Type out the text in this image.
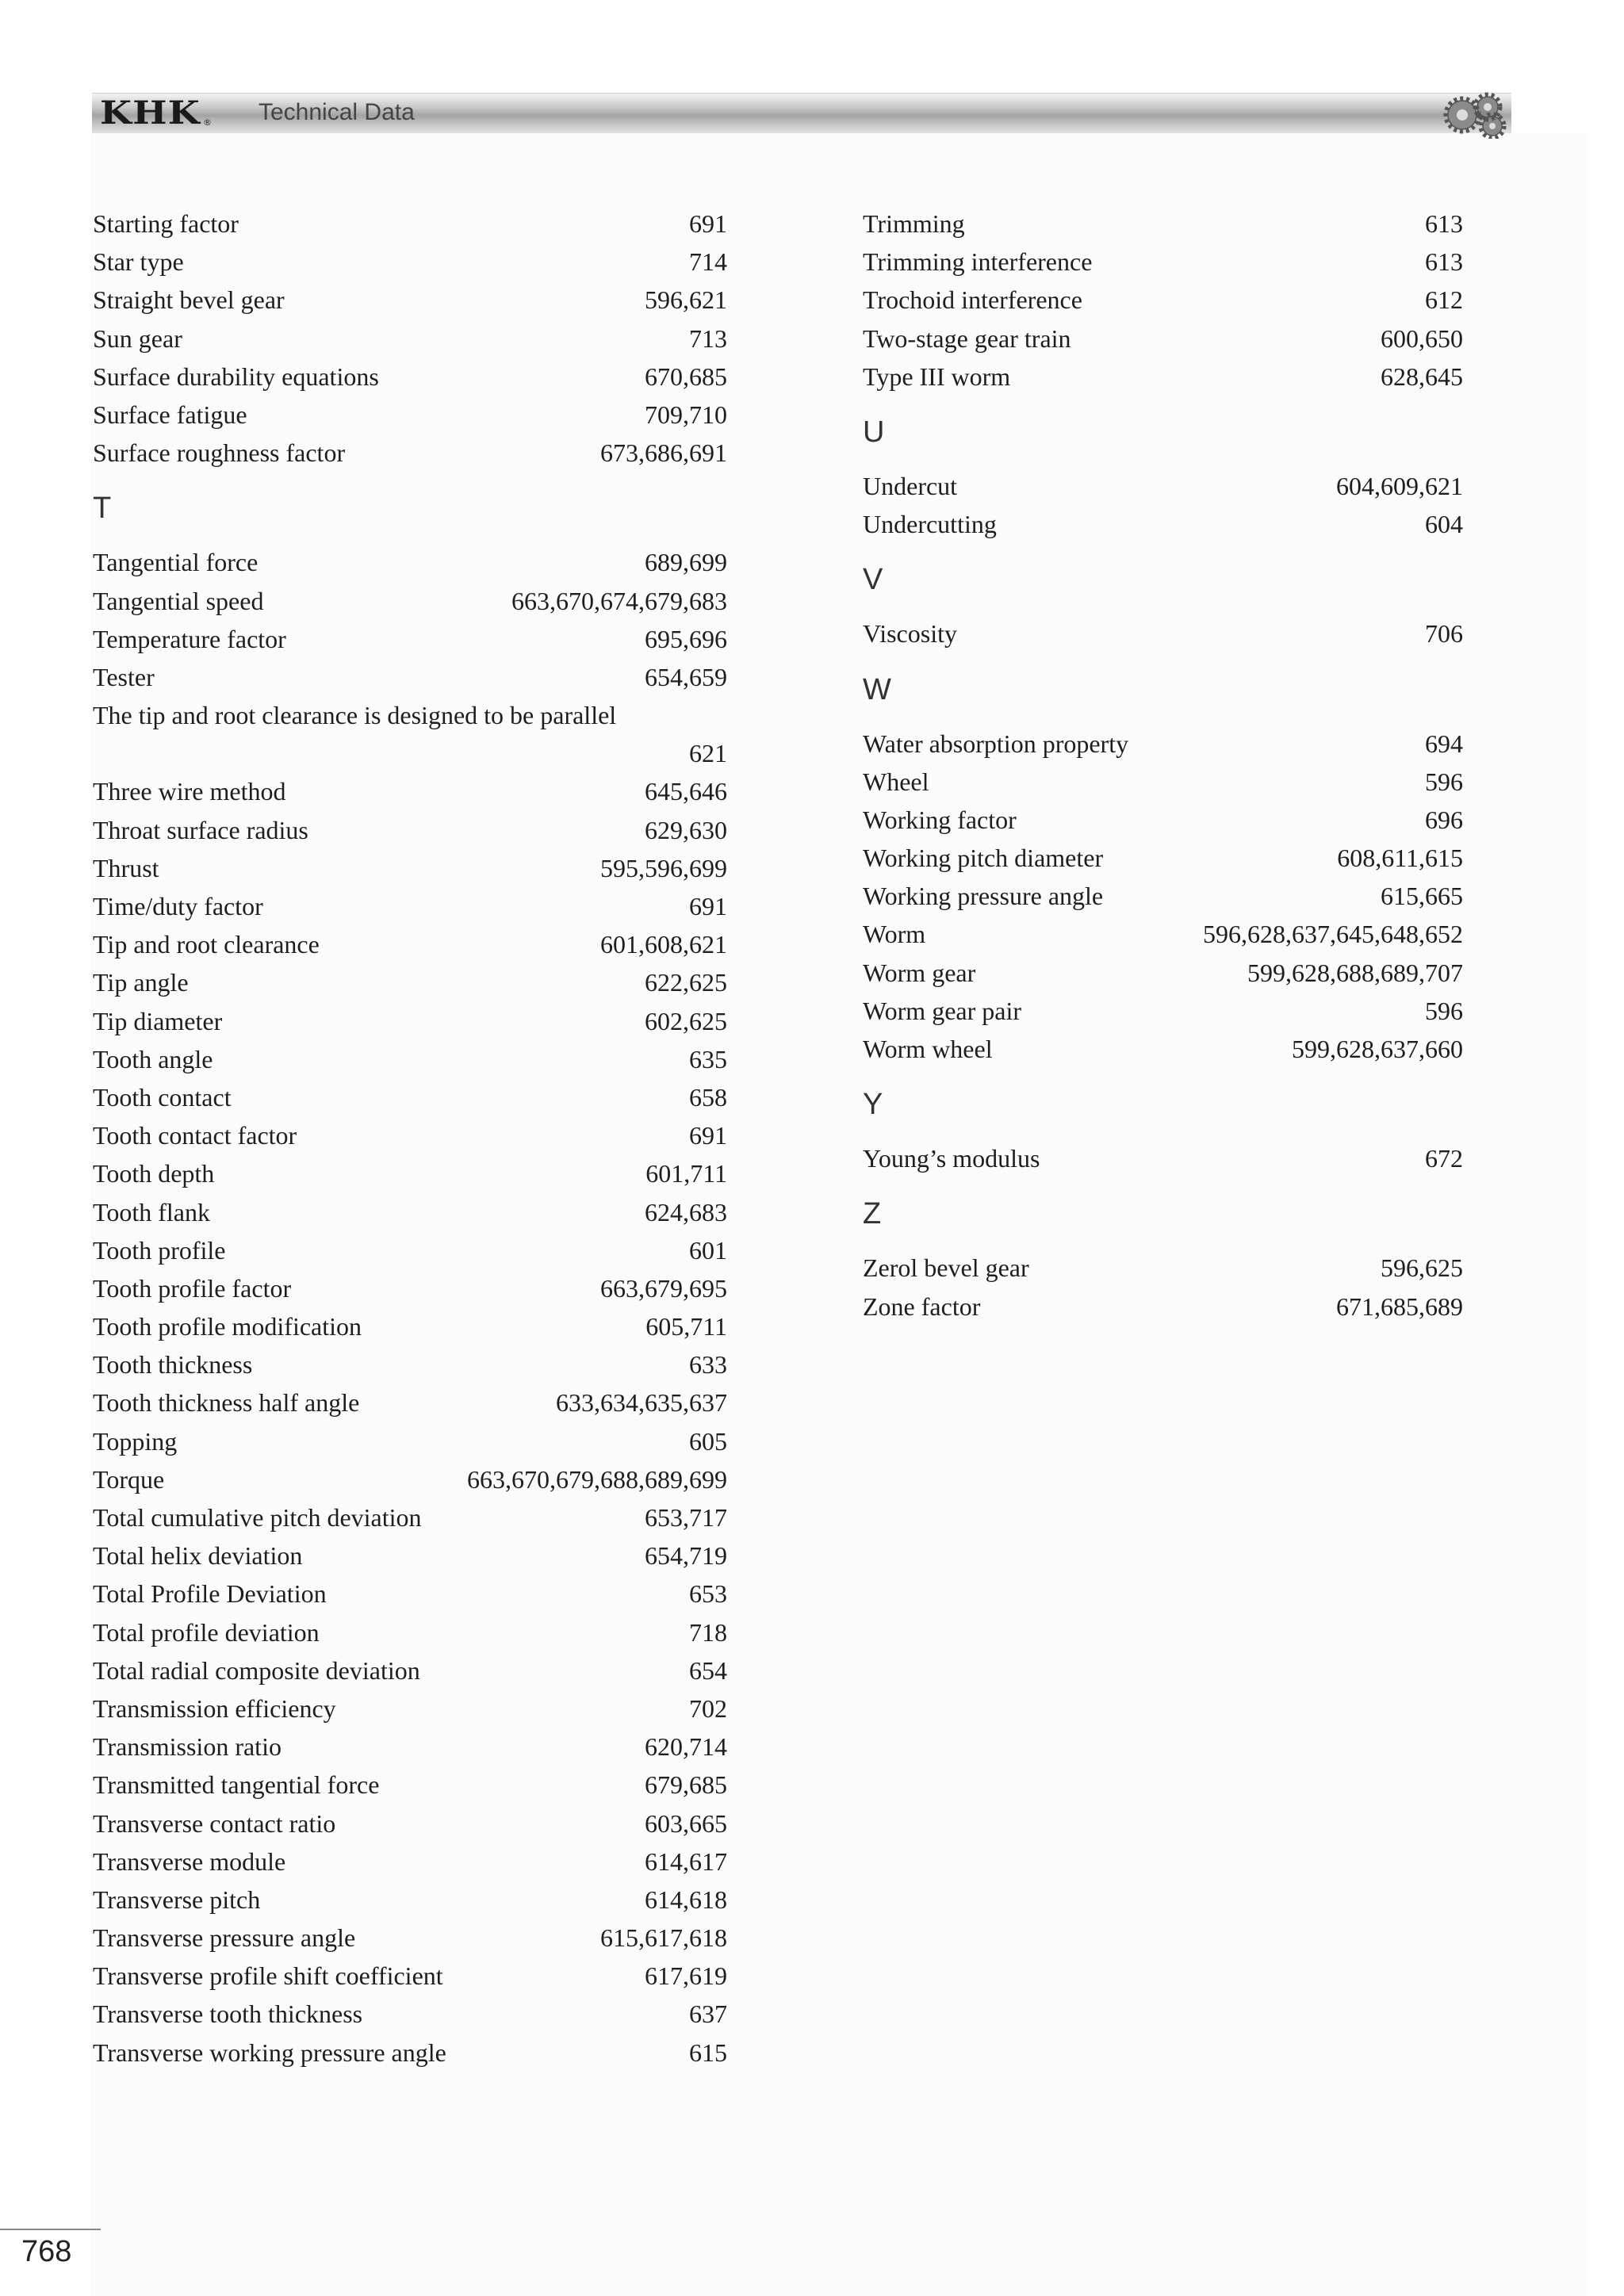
KHK ® Technical Data
Starting factor	691
Star type	714
Straight bevel gear	596,621
Sun gear	713
Surface durability equations	670,685
Surface fatigue	709,710
Surface roughness factor	673,686,691
T
Tangential force	689,699
Tangential speed	663,670,674,679,683
Temperature factor	695,696
Tester	654,659
The tip and root clearance is designed to be parallel
621
Three wire method	645,646
Throat surface radius	629,630
Thrust	595,596,699
Time/duty factor	691
Tip and root clearance	601,608,621
Tip angle	622,625
Tip diameter	602,625
Tooth angle	635
Tooth contact	658
Tooth contact factor	691
Tooth depth	601,711
Tooth flank	624,683
Tooth profile	601
Tooth profile factor	663,679,695
Tooth profile modification	605,711
Tooth thickness	633
Tooth thickness half angle	633,634,635,637
Topping	605
Torque	663,670,679,688,689,699
Total cumulative pitch deviation	653,717
Total helix deviation	654,719
Total Profile Deviation	653
Total profile deviation	718
Total radial composite deviation	654
Transmission efficiency	702
Transmission ratio	620,714
Transmitted tangential force	679,685
Transverse contact ratio	603,665
Transverse module	614,617
Transverse pitch	614,618
Transverse pressure angle	615,617,618
Transverse profile shift coefficient	617,619
Transverse tooth thickness	637
Transverse working pressure angle	615
Trimming	613
Trimming interference	613
Trochoid interference	612
Two-stage gear train	600,650
Type III worm	628,645
U
Undercut	604,609,621
Undercutting	604
V
Viscosity	706
W
Water absorption property	694
Wheel	596
Working factor	696
Working pitch diameter	608,611,615
Working pressure angle	615,665
Worm	596,628,637,645,648,652
Worm gear	599,628,688,689,707
Worm gear pair	596
Worm wheel	599,628,637,660
Y
Young’s modulus	672
Z
Zerol bevel gear	596,625
Zone factor	671,685,689
768
